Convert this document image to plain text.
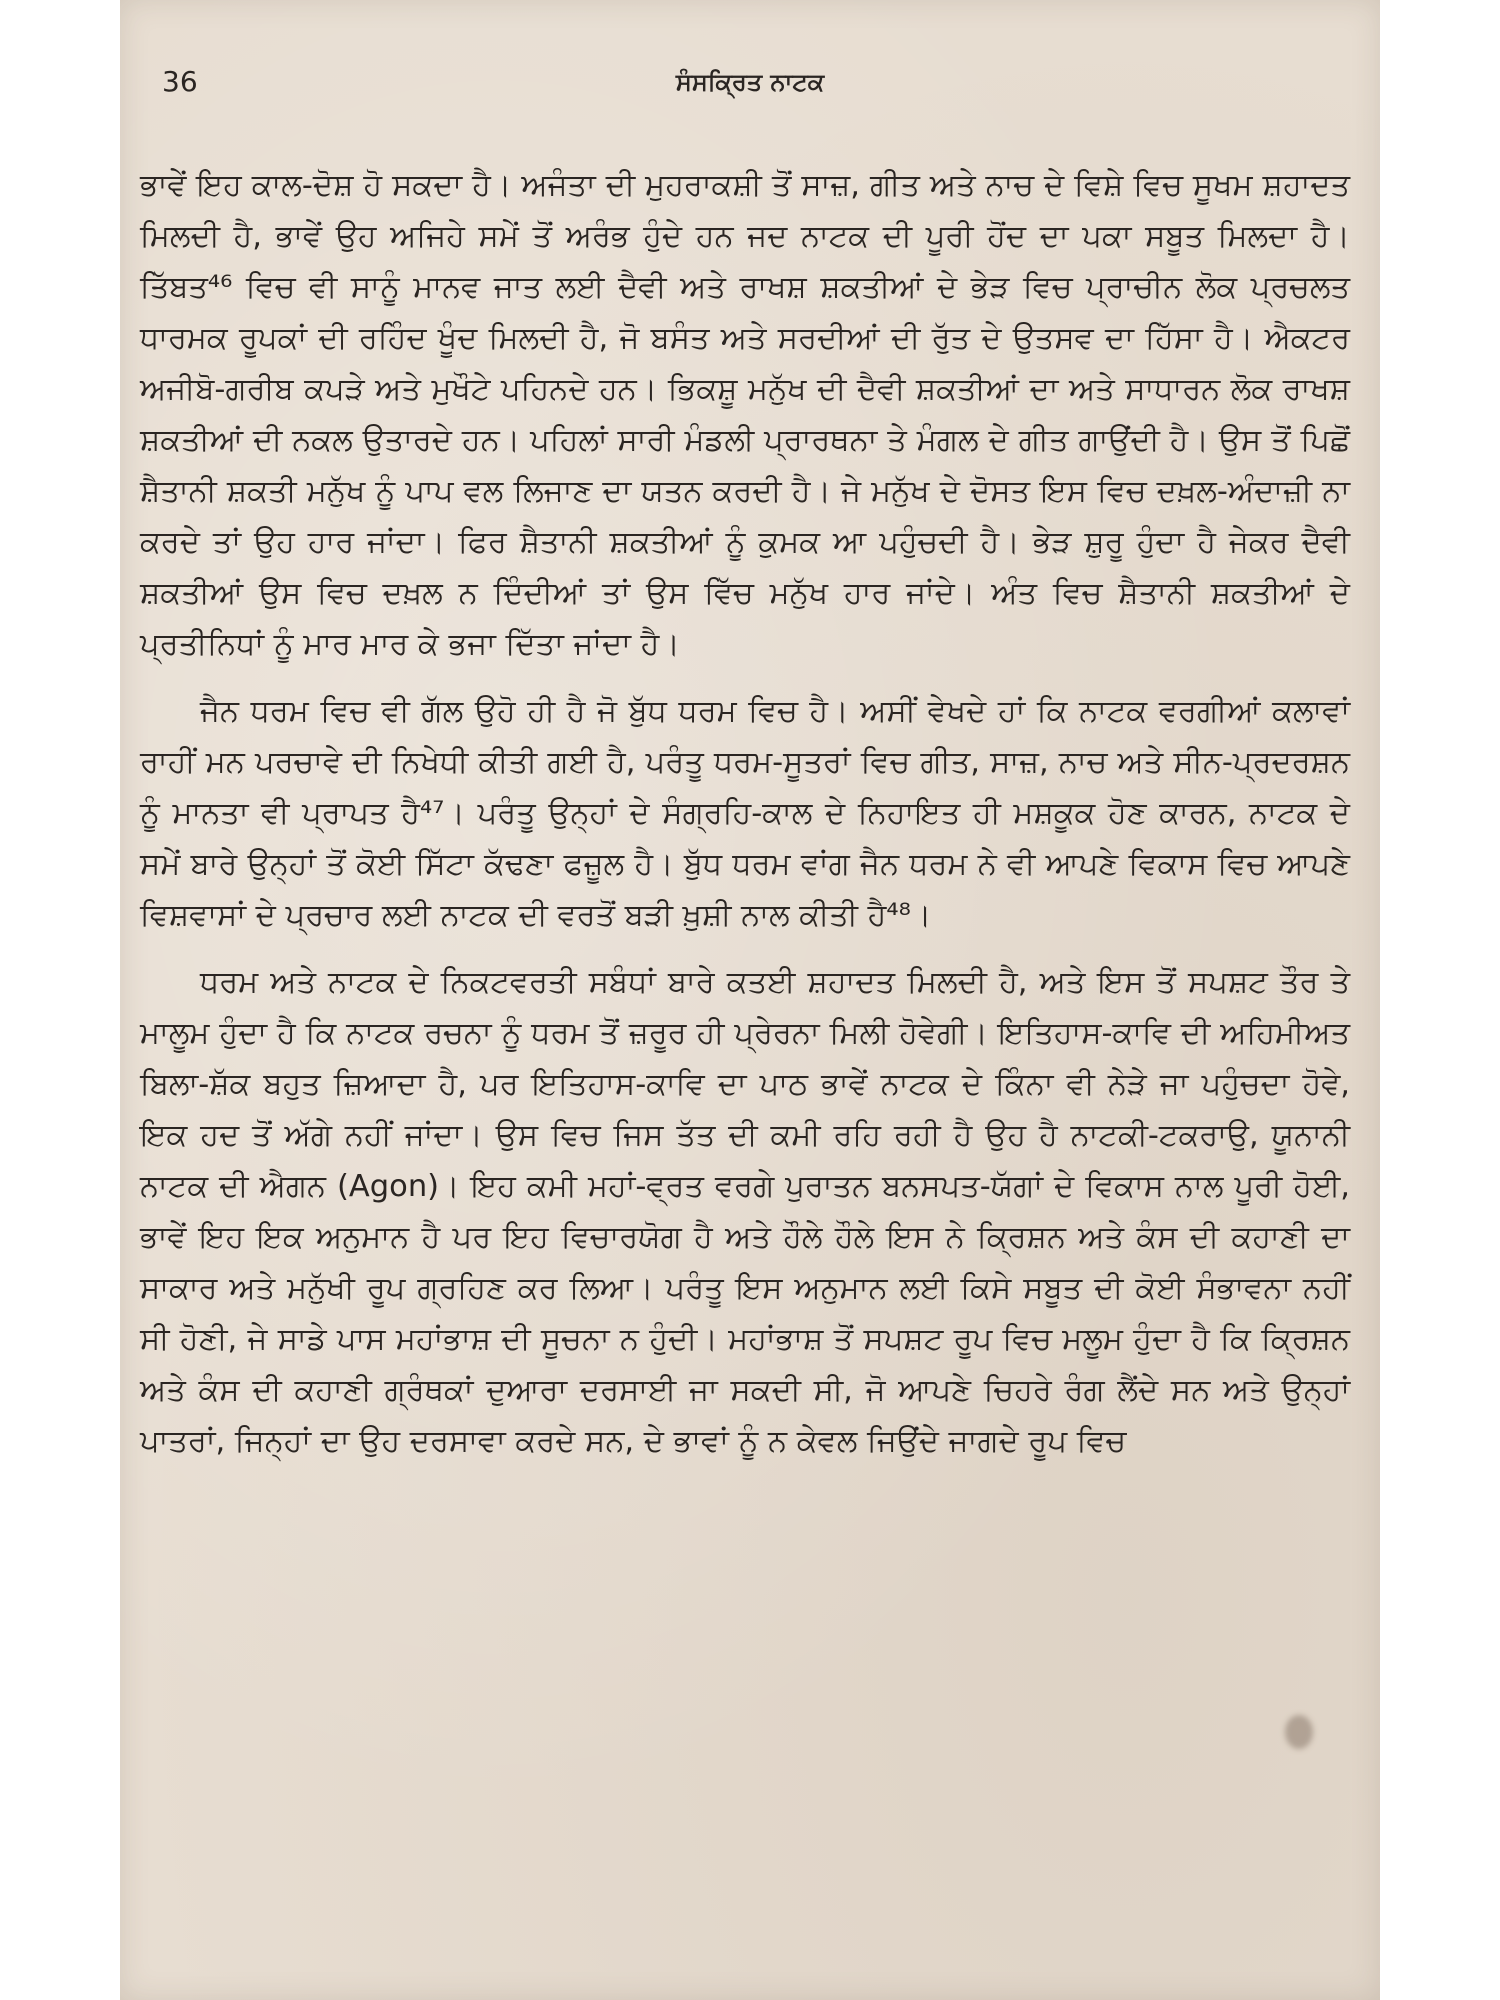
36	ਸੰਸਕ੍ਰਿਤ ਨਾਟਕ

ਭਾਵੇਂ ਇਹ ਕਾਲ-ਦੋਸ਼ ਹੋ ਸਕਦਾ ਹੈ। ਅਜੰਤਾ ਦੀ ਮੁਹਰਾਕਸ਼ੀ ਤੋਂ ਸਾਜ਼, ਗੀਤ ਅਤੇ ਨਾਚ ਦੇ ਵਿਸ਼ੇ ਵਿਚ ਸੂਖਮ ਸ਼ਹਾਦਤ ਮਿਲਦੀ ਹੈ, ਭਾਵੇਂ ਉਹ ਅਜਿਹੇ ਸਮੇਂ ਤੋਂ ਅਰੰਭ ਹੁੰਦੇ ਹਨ ਜਦ ਨਾਟਕ ਦੀ ਪੂਰੀ ਹੋਂਦ ਦਾ ਪਕਾ ਸਬੂਤ ਮਿਲਦਾ ਹੈ। ਤਿੱਬਤ⁴⁶ ਵਿਚ ਵੀ ਸਾਨੂੰ ਮਾਨਵ ਜਾਤ ਲਈ ਦੈਵੀ ਅਤੇ ਰਾਖਸ਼ ਸ਼ਕਤੀਆਂ ਦੇ ਭੇੜ ਵਿਚ ਪ੍ਰਾਚੀਨ ਲੋਕ ਪ੍ਰਚਲਤ ਧਾਰਮਕ ਰੂਪਕਾਂ ਦੀ ਰਹਿੰਦ ਖੂੰਦ ਮਿਲਦੀ ਹੈ, ਜੋ ਬਸੰਤ ਅਤੇ ਸਰਦੀਆਂ ਦੀ ਰੁੱਤ ਦੇ ਉਤਸਵ ਦਾ ਹਿੱਸਾ ਹੈ। ਐਕਟਰ ਅਜੀਬੋ-ਗਰੀਬ ਕਪੜੇ ਅਤੇ ਮੁਖੌਟੇ ਪਹਿਨਦੇ ਹਨ। ਭਿਕਸ਼ੂ ਮਨੁੱਖ ਦੀ ਦੈਵੀ ਸ਼ਕਤੀਆਂ ਦਾ ਅਤੇ ਸਾਧਾਰਨ ਲੋਕ ਰਾਖਸ਼ ਸ਼ਕਤੀਆਂ ਦੀ ਨਕਲ ਉਤਾਰਦੇ ਹਨ। ਪਹਿਲਾਂ ਸਾਰੀ ਮੰਡਲੀ ਪ੍ਰਾਰਥਨਾ ਤੇ ਮੰਗਲ ਦੇ ਗੀਤ ਗਾਉਂਦੀ ਹੈ। ਉਸ ਤੋਂ ਪਿਛੋਂ ਸ਼ੈਤਾਨੀ ਸ਼ਕਤੀ ਮਨੁੱਖ ਨੂੰ ਪਾਪ ਵਲ ਲਿਜਾਣ ਦਾ ਯਤਨ ਕਰਦੀ ਹੈ। ਜੇ ਮਨੁੱਖ ਦੇ ਦੋਸਤ ਇਸ ਵਿਚ ਦਖ਼ਲ-ਅੰਦਾਜ਼ੀ ਨਾ ਕਰਦੇ ਤਾਂ ਉਹ ਹਾਰ ਜਾਂਦਾ। ਫਿਰ ਸ਼ੈਤਾਨੀ ਸ਼ਕਤੀਆਂ ਨੂੰ ਕੁਮਕ ਆ ਪਹੁੰਚਦੀ ਹੈ। ਭੇੜ ਸ਼ੁਰੂ ਹੁੰਦਾ ਹੈ ਜੇਕਰ ਦੈਵੀ ਸ਼ਕਤੀਆਂ ਉਸ ਵਿਚ ਦਖ਼ਲ ਨ ਦਿੰਦੀਆਂ ਤਾਂ ਉਸ ਵਿੱਚ ਮਨੁੱਖ ਹਾਰ ਜਾਂਦੇ। ਅੰਤ ਵਿਚ ਸ਼ੈਤਾਨੀ ਸ਼ਕਤੀਆਂ ਦੇ ਪ੍ਰਤੀਨਿਧਾਂ ਨੂੰ ਮਾਰ ਮਾਰ ਕੇ ਭਜਾ ਦਿੱਤਾ ਜਾਂਦਾ ਹੈ।

ਜੈਨ ਧਰਮ ਵਿਚ ਵੀ ਗੱਲ ਉਹੋ ਹੀ ਹੈ ਜੋ ਬੁੱਧ ਧਰਮ ਵਿਚ ਹੈ। ਅਸੀਂ ਵੇਖਦੇ ਹਾਂ ਕਿ ਨਾਟਕ ਵਰਗੀਆਂ ਕਲਾਵਾਂ ਰਾਹੀਂ ਮਨ ਪਰਚਾਵੇ ਦੀ ਨਿਖੇਧੀ ਕੀਤੀ ਗਈ ਹੈ, ਪਰੰਤੂ ਧਰਮ-ਸੂਤਰਾਂ ਵਿਚ ਗੀਤ, ਸਾਜ਼, ਨਾਚ ਅਤੇ ਸੀਨ-ਪ੍ਰਦਰਸ਼ਨ ਨੂੰ ਮਾਨਤਾ ਵੀ ਪ੍ਰਾਪਤ ਹੈ⁴⁷। ਪਰੰਤੂ ਉਨ੍ਹਾਂ ਦੇ ਸੰਗ੍ਰਹਿ-ਕਾਲ ਦੇ ਨਿਹਾਇਤ ਹੀ ਮਸ਼ਕੂਕ ਹੋਣ ਕਾਰਨ, ਨਾਟਕ ਦੇ ਸਮੇਂ ਬਾਰੇ ਉਨ੍ਹਾਂ ਤੋਂ ਕੋਈ ਸਿੱਟਾ ਕੱਢਣਾ ਫਜ਼ੂਲ ਹੈ। ਬੁੱਧ ਧਰਮ ਵਾਂਗ ਜੈਨ ਧਰਮ ਨੇ ਵੀ ਆਪਣੇ ਵਿਕਾਸ ਵਿਚ ਆਪਣੇ ਵਿਸ਼ਵਾਸਾਂ ਦੇ ਪ੍ਰਚਾਰ ਲਈ ਨਾਟਕ ਦੀ ਵਰਤੋਂ ਬੜੀ ਖ਼ੁਸ਼ੀ ਨਾਲ ਕੀਤੀ ਹੈ⁴⁸।

ਧਰਮ ਅਤੇ ਨਾਟਕ ਦੇ ਨਿਕਟਵਰਤੀ ਸਬੰਧਾਂ ਬਾਰੇ ਕਤਈ ਸ਼ਹਾਦਤ ਮਿਲਦੀ ਹੈ, ਅਤੇ ਇਸ ਤੋਂ ਸਪਸ਼ਟ ਤੌਰ ਤੇ ਮਾਲੂਮ ਹੁੰਦਾ ਹੈ ਕਿ ਨਾਟਕ ਰਚਨਾ ਨੂੰ ਧਰਮ ਤੋਂ ਜ਼ਰੂਰ ਹੀ ਪ੍ਰੇਰਨਾ ਮਿਲੀ ਹੋਵੇਗੀ। ਇਤਿਹਾਸ-ਕਾਵਿ ਦੀ ਅਹਿਮੀਅਤ ਬਿਲਾ-ਸ਼ੱਕ ਬਹੁਤ ਜ਼ਿਆਦਾ ਹੈ, ਪਰ ਇਤਿਹਾਸ-ਕਾਵਿ ਦਾ ਪਾਠ ਭਾਵੇਂ ਨਾਟਕ ਦੇ ਕਿੰਨਾ ਵੀ ਨੇੜੇ ਜਾ ਪਹੁੰਚਦਾ ਹੋਵੇ, ਇਕ ਹਦ ਤੋਂ ਅੱਗੇ ਨਹੀਂ ਜਾਂਦਾ। ਉਸ ਵਿਚ ਜਿਸ ਤੱਤ ਦੀ ਕਮੀ ਰਹਿ ਰਹੀ ਹੈ ਉਹ ਹੈ ਨਾਟਕੀ-ਟਕਰਾਉ, ਯੂਨਾਨੀ ਨਾਟਕ ਦੀ ਐਗਨ (Agon)। ਇਹ ਕਮੀ ਮਹਾਂ-ਵ੍ਰਤ ਵਰਗੇ ਪੁਰਾਤਨ ਬਨਸਪਤ-ਯੱਗਾਂ ਦੇ ਵਿਕਾਸ ਨਾਲ ਪੂਰੀ ਹੋਈ, ਭਾਵੇਂ ਇਹ ਇਕ ਅਨੁਮਾਨ ਹੈ ਪਰ ਇਹ ਵਿਚਾਰਯੋਗ ਹੈ ਅਤੇ ਹੌਲੇ ਹੌਲੇ ਇਸ ਨੇ ਕ੍ਰਿਸ਼ਨ ਅਤੇ ਕੰਸ ਦੀ ਕਹਾਣੀ ਦਾ ਸਾਕਾਰ ਅਤੇ ਮਨੁੱਖੀ ਰੂਪ ਗ੍ਰਹਿਣ ਕਰ ਲਿਆ। ਪਰੰਤੂ ਇਸ ਅਨੁਮਾਨ ਲਈ ਕਿਸੇ ਸਬੂਤ ਦੀ ਕੋਈ ਸੰਭਾਵਨਾ ਨਹੀਂ ਸੀ ਹੋਣੀ, ਜੇ ਸਾਡੇ ਪਾਸ ਮਹਾਂਭਾਸ਼ ਦੀ ਸੂਚਨਾ ਨ ਹੁੰਦੀ। ਮਹਾਂਭਾਸ਼ ਤੋਂ ਸਪਸ਼ਟ ਰੂਪ ਵਿਚ ਮਲੂਮ ਹੁੰਦਾ ਹੈ ਕਿ ਕ੍ਰਿਸ਼ਨ ਅਤੇ ਕੰਸ ਦੀ ਕਹਾਣੀ ਗ੍ਰੰਥਕਾਂ ਦੁਆਰਾ ਦਰਸਾਈ ਜਾ ਸਕਦੀ ਸੀ, ਜੋ ਆਪਣੇ ਚਿਹਰੇ ਰੰਗ ਲੈਂਦੇ ਸਨ ਅਤੇ ਉਨ੍ਹਾਂ ਪਾਤਰਾਂ, ਜਿਨ੍ਹਾਂ ਦਾ ਉਹ ਦਰਸਾਵਾ ਕਰਦੇ ਸਨ, ਦੇ ਭਾਵਾਂ ਨੂੰ ਨ ਕੇਵਲ ਜਿਉਂਦੇ ਜਾਗਦੇ ਰੂਪ ਵਿਚ
